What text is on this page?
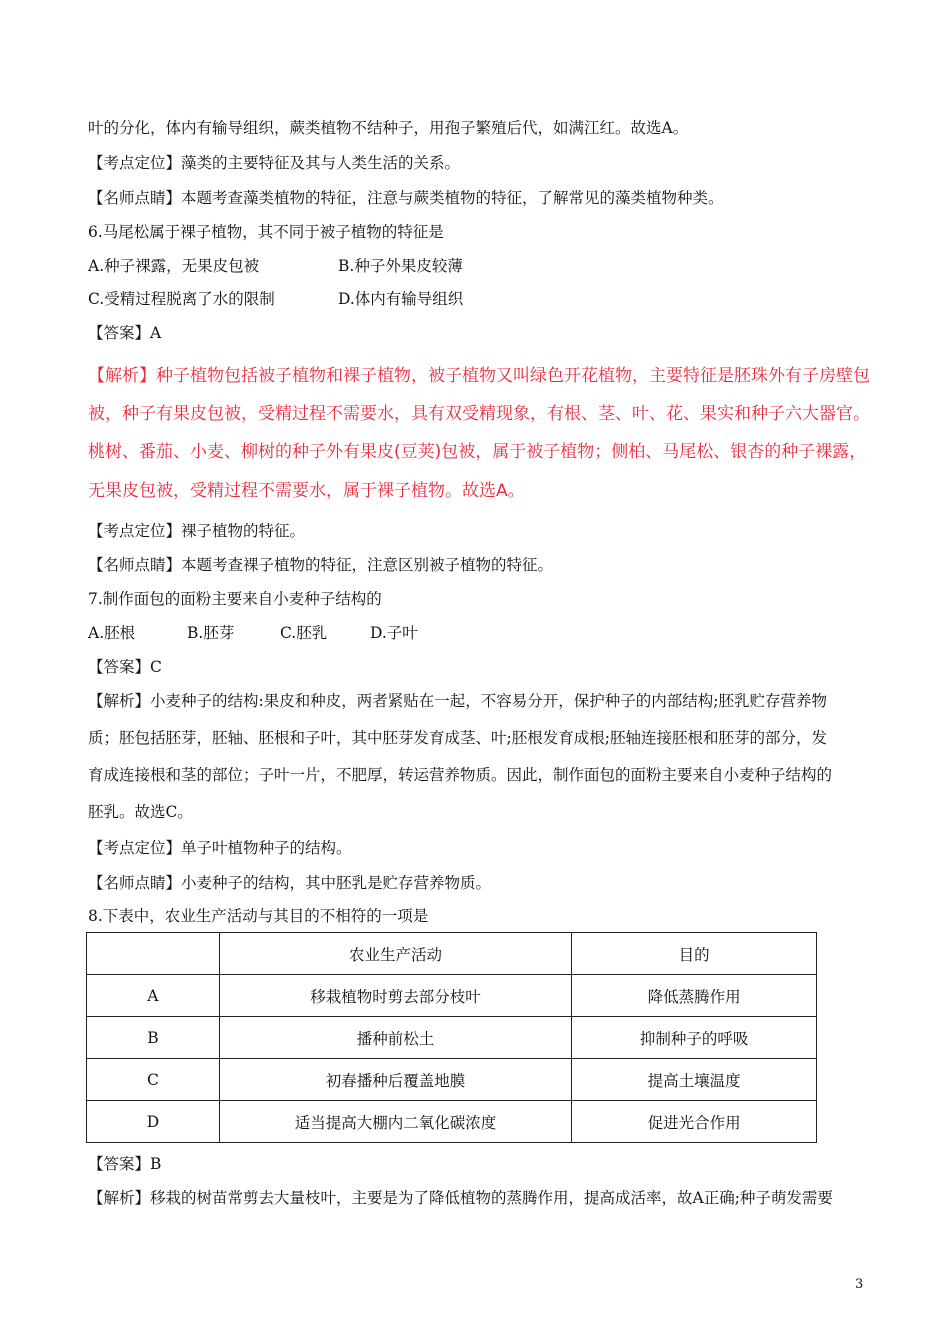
叶的分化，体内有输导组织，蕨类植物不结种子，用孢子繁殖后代，如满江红。故选A。
【考点定位】藻类的主要特征及其与人类生活的关系。
【名师点睛】本题考查藻类植物的特征，注意与蕨类植物的特征，了解常见的藻类植物种类。
6.马尾松属于裸子植物，其不同于被子植物的特征是
A.种子裸露，无果皮包被	B.种子外果皮较薄
C.受精过程脱离了水的限制	D.体内有输导组织
【答案】A
【解析】种子植物包括被子植物和裸子植物，被子植物又叫绿色开花植物，主要特征是胚珠外有子房壁包
被，种子有果皮包被，受精过程不需要水，具有双受精现象，有根、茎、叶、花、果实和种子六大器官。
桃树、番茄、小麦、柳树的种子外有果皮(豆荚)包被，属于被子植物；侧柏、马尾松、银杏的种子裸露，
无果皮包被，受精过程不需要水，属于裸子植物。故选A。
【考点定位】裸子植物的特征。
【名师点睛】本题考查裸子植物的特征，注意区别被子植物的特征。
7.制作面包的面粉主要来自小麦种子结构的
A.胚根	B.胚芽	C.胚乳	D.子叶
【答案】C
【解析】小麦种子的结构:果皮和种皮，两者紧贴在一起，不容易分开，保护种子的内部结构;胚乳贮存营养物
质；胚包括胚芽，胚轴、胚根和子叶，其中胚芽发育成茎、叶;胚根发育成根;胚轴连接胚根和胚芽的部分，发
育成连接根和茎的部位；子叶一片，不肥厚，转运营养物质。因此，制作面包的面粉主要来自小麦种子结构的
胚乳。故选C。
【考点定位】单子叶植物种子的结构。
【名师点睛】小麦种子的结构，其中胚乳是贮存营养物质。
8.下表中，农业生产活动与其目的不相符的一项是
	农业生产活动	目的
A	移栽植物时剪去部分枝叶	降低蒸腾作用
B	播种前松土	抑制种子的呼吸
C	初春播种后覆盖地膜	提高土壤温度
D	适当提高大棚内二氧化碳浓度	促进光合作用
【答案】B
【解析】移栽的树苗常剪去大量枝叶，主要是为了降低植物的蒸腾作用，提高成活率，故A正确;种子萌发需要
3
